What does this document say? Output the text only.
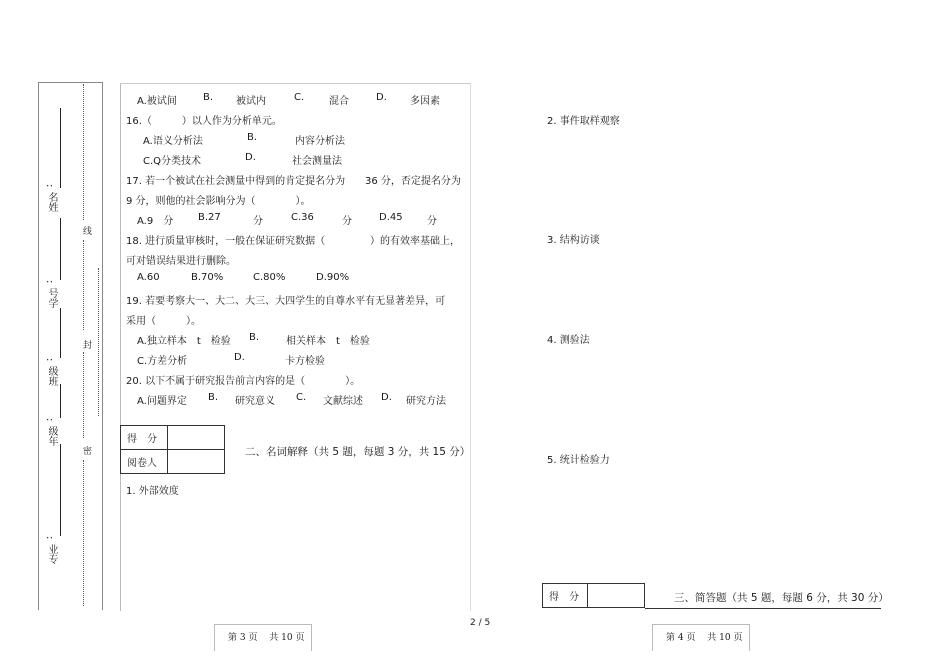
:
名姓
:
号学
:
级班
:
级年
:
业专
线
封
密
A.被试间	B. 被试内	C. 混合	D. 多因素
16.（　　　）以人作为分析单元。
A.语义分析法	B.	内容分析法
C.Q分类技术	D.	社会测量法
17. 若一个被试在社会测量中得到的肯定提名分为 36 分，否定提名分为
9 分，则他的社会影响分为（　　　　）。
A.9　分 B.27	分	C.36	分	D.45 分
18. 进行质量审核时，一般在保证研究数据（	）的有效率基础上，
可对错误结果进行删除。
A.60	B.70%	C.80%	D.90%
19. 若要考察大一、大二、大三、大四学生的自尊水平有无显著差异，可
采用（　　　）。
A.独立样本　t　检验 B.	相关样本　t　检验
C.方差分析	D.	卡方检验
20. 以下不属于研究报告前言内容的是（　　　　）。
A.问题界定 B. 研究意义 C. 文献综述 D. 研究方法
得　分	
阅卷人	
二、名词解释（共 5 题，每题 3 分，共 15 分）
1. 外部效度
2. 事件取样观察
3. 结构访谈
4. 测验法
5. 统计检验力
得　分		三、简答题（共 5 题，每题 6 分，共 30 分）
第 3 页　 共 10 页
2 / 5
第 4 页　 共 10 页
